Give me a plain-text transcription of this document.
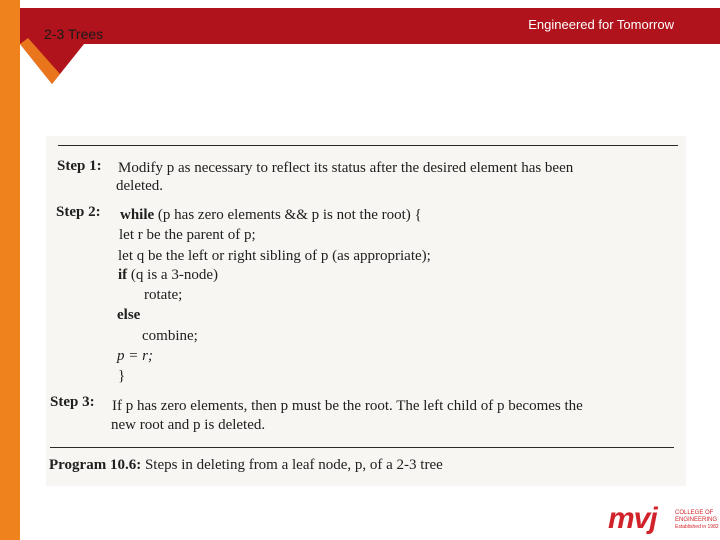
2-3 Trees
Engineered for Tomorrow
Step 1: Modify p as necessary to reflect its status after the desired element has been
deleted.
Step 2: while (p has zero elements && p is not the root) {
let r be the parent of p;
let q be the left or right sibling of p (as appropriate);
if (q is a 3-node)
rotate;
else
combine;
p = r;
}
Step 3: If p has zero elements, then p must be the root. The left child of p becomes the
new root and p is deleted.
Program 10.6: Steps in deleting from a leaf node, p, of a 2-3 tree
mvj	COLLEGE OF
ENGINEERING
Established in 1982
